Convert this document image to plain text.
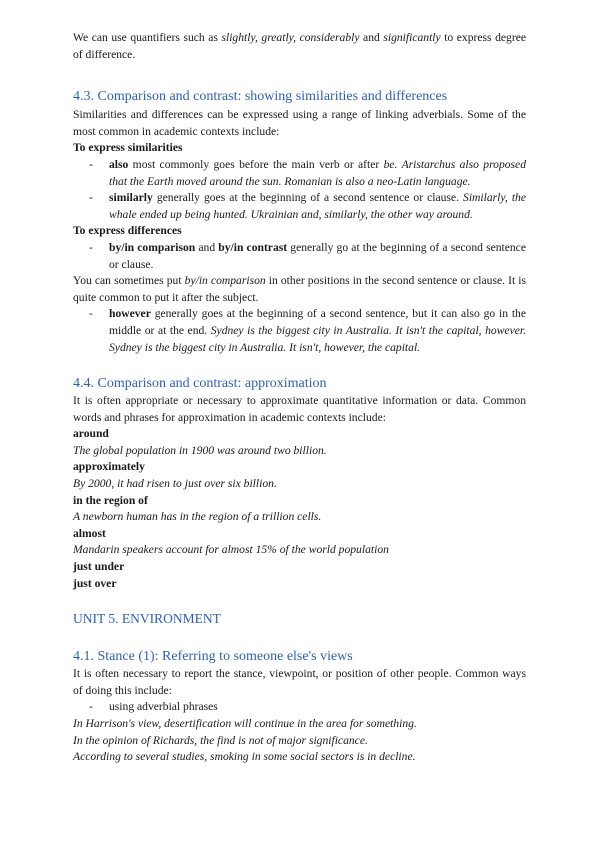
We can use quantifiers such as slightly, greatly, considerably and significantly to express degree of difference.

4.3. Comparison and contrast: showing similarities and differences

Similarities and differences can be expressed using a range of linking adverbials. Some of the most common in academic contexts include:

To express similarities

- also most commonly goes before the main verb or after be. Aristarchus also proposed that the Earth moved around the sun. Romanian is also a neo-Latin language.

- similarly generally goes at the beginning of a second sentence or clause. Similarly, the whale ended up being hunted. Ukrainian and, similarly, the other way around.

To express differences

- by/in comparison and by/in contrast generally go at the beginning of a second sentence or clause.

You can sometimes put by/in comparison in other positions in the second sentence or clause. It is quite common to put it after the subject.

- however generally goes at the beginning of a second sentence, but it can also go in the middle or at the end. Sydney is the biggest city in Australia. It isn't the capital, however. Sydney is the biggest city in Australia. It isn't, however, the capital.

4.4. Comparison and contrast: approximation

It is often appropriate or necessary to approximate quantitative information or data. Common words and phrases for approximation in academic contexts include:

around

The global population in 1900 was around two billion.

approximately

By 2000, it had risen to just over six billion.

in the region of

A newborn human has in the region of a trillion cells.

almost

Mandarin speakers account for almost 15% of the world population

just under

just over

UNIT 5. ENVIRONMENT

4.1. Stance (1): Referring to someone else's views

It is often necessary to report the stance, viewpoint, or position of other people. Common ways of doing this include:

- using adverbial phrases

In Harrison's view, desertification will continue in the area for something.

In the opinion of Richards, the find is not of major significance.

According to several studies, smoking in some social sectors is in decline.
